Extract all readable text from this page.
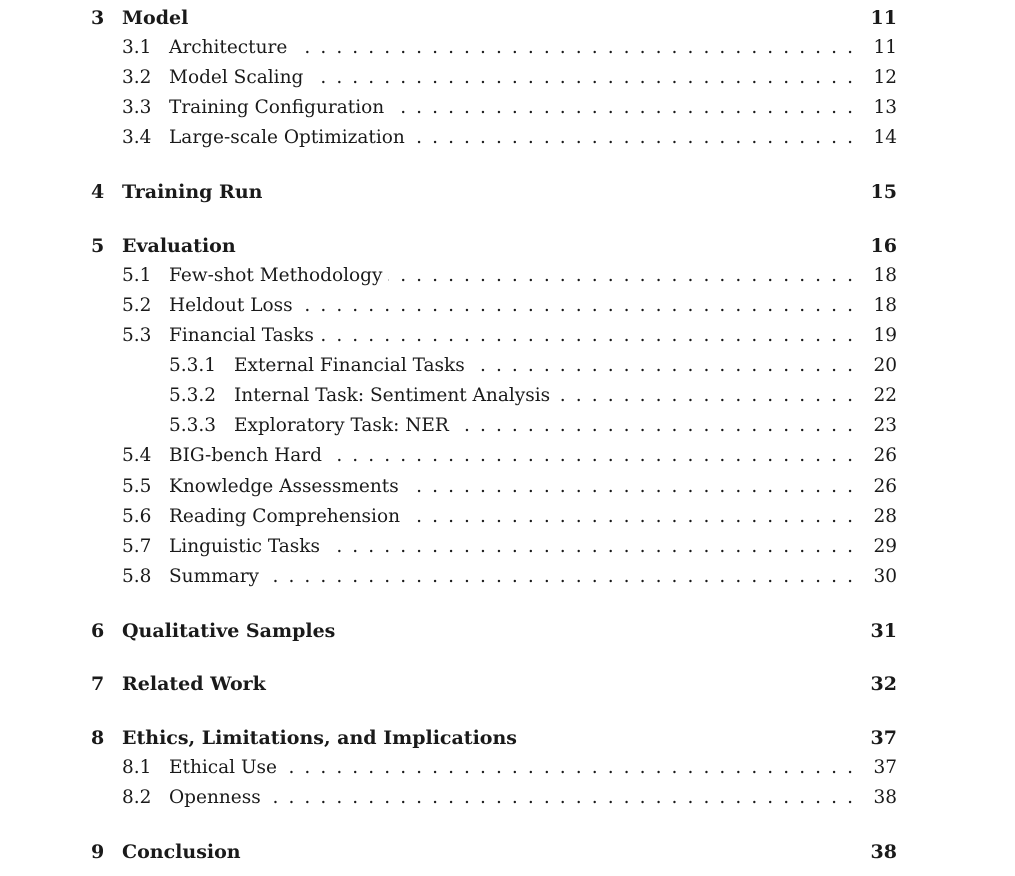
3 Model	11
3.1 Architecture . . .	11
3.2 Model Scaling . . .	12
3.3 Training Configuration . . .	13
3.4 Large-scale Optimization . . .	14
4 Training Run	15
5 Evaluation	16
5.1 Few-shot Methodology . . .	18
5.2 Heldout Loss . . .	18
5.3 Financial Tasks . . .	19
5.3.1 External Financial Tasks . . .	20
5.3.2 Internal Task: Sentiment Analysis . . .	22
5.3.3 Exploratory Task: NER . . .	23
5.4 BIG-bench Hard . . .	26
5.5 Knowledge Assessments . . .	26
5.6 Reading Comprehension . . .	28
5.7 Linguistic Tasks . . .	29
5.8 Summary . . .	30
6 Qualitative Samples	31
7 Related Work	32
8 Ethics, Limitations, and Implications	37
8.1 Ethical Use . . .	37
8.2 Openness . . .	38
9 Conclusion	38
